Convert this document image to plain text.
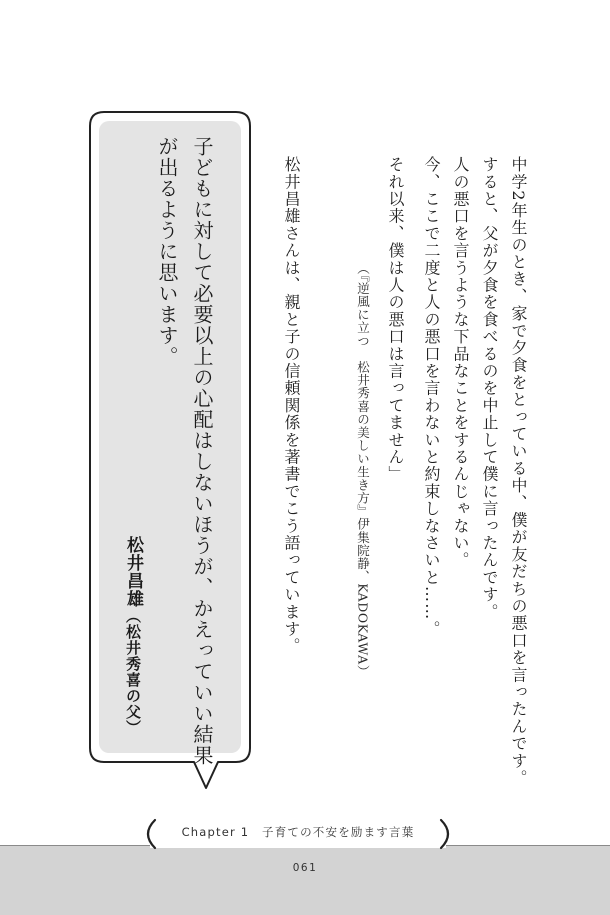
中学2年生のとき、家で夕食をとっている中、僕が友だちの悪口を言ったんです。
すると、父が夕食を食べるのを中止して僕に言ったんです。
人の悪口を言うような下品なことをするんじゃない。
今、ここで二度と人の悪口を言わないと約束しなさいと……。
それ以来、僕は人の悪口は言ってません」
（『逆風に立つ　松井秀喜の美しい生き方』伊集院静、KADOKAWA）
松井昌雄さんは、親と子の信頼関係を著書でこう語っています。
子どもに対して必要以上の心配はしないほうが、かえっていい結果
が出るように思います。
松井昌雄（松井秀喜の父）
Chapter 1　子育ての不安を励ます言葉
061
